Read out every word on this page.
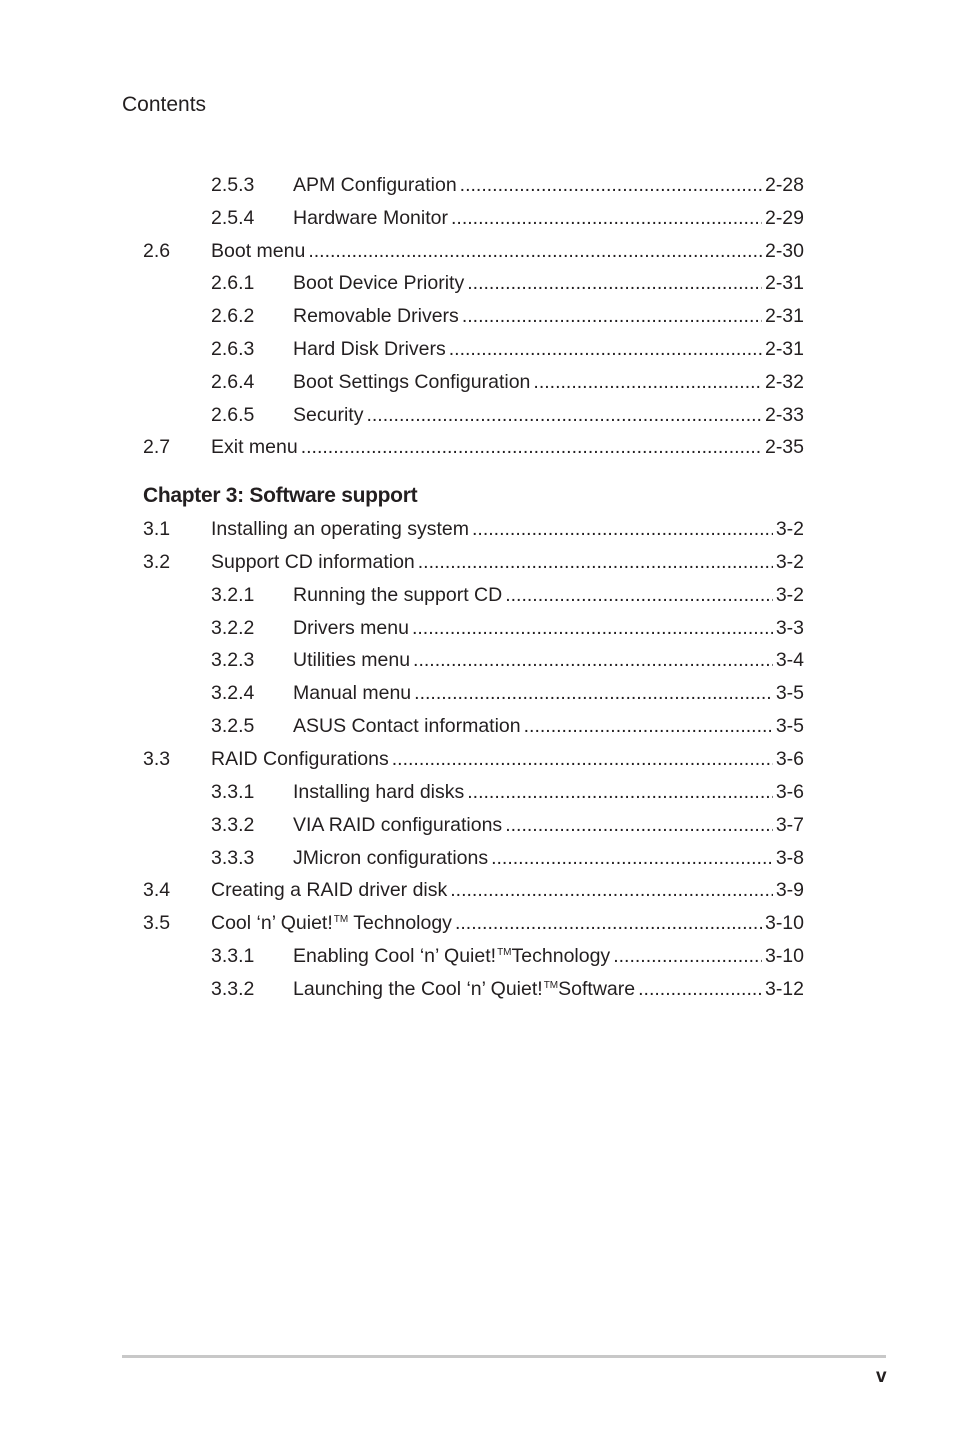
Contents
2.5.3 APM Configuration .....	2-28
2.5.4 Hardware Monitor .....	2-29
2.6 Boot menu .....	2-30
2.6.1 Boot Device Priority .....	2-31
2.6.2 Removable Drivers .....	2-31
2.6.3 Hard Disk Drivers .....	2-31
2.6.4 Boot Settings Configuration .....	2-32
2.6.5 Security .....	2-33
2.7 Exit menu .....	2-35
3.1 Installing an operating system .....	3-2
3.2 Support CD information .....	3-2
3.2.1 Running the support CD .....	3-2
3.2.2 Drivers menu .....	3-3
3.2.3 Utilities menu .....	3-4
3.2.4 Manual menu .....	3-5
3.2.5 ASUS Contact information .....	3-5
3.3 RAID Configurations .....	3-6
3.3.1 Installing hard disks .....	3-6
3.3.2 VIA RAID configurations .....	3-7
3.3.3 JMicron configurations .....	3-8
3.4 Creating a RAID driver disk .....	3-9
3.5 Cool ‘n’ Quiet!™ Technology .....	3-10
3.3.1 Enabling Cool ‘n’ Quiet!™Technology .....	3-10
3.3.2 Launching the Cool ‘n’ Quiet!™Software .....	3-12
Chapter 3: Software support
v
